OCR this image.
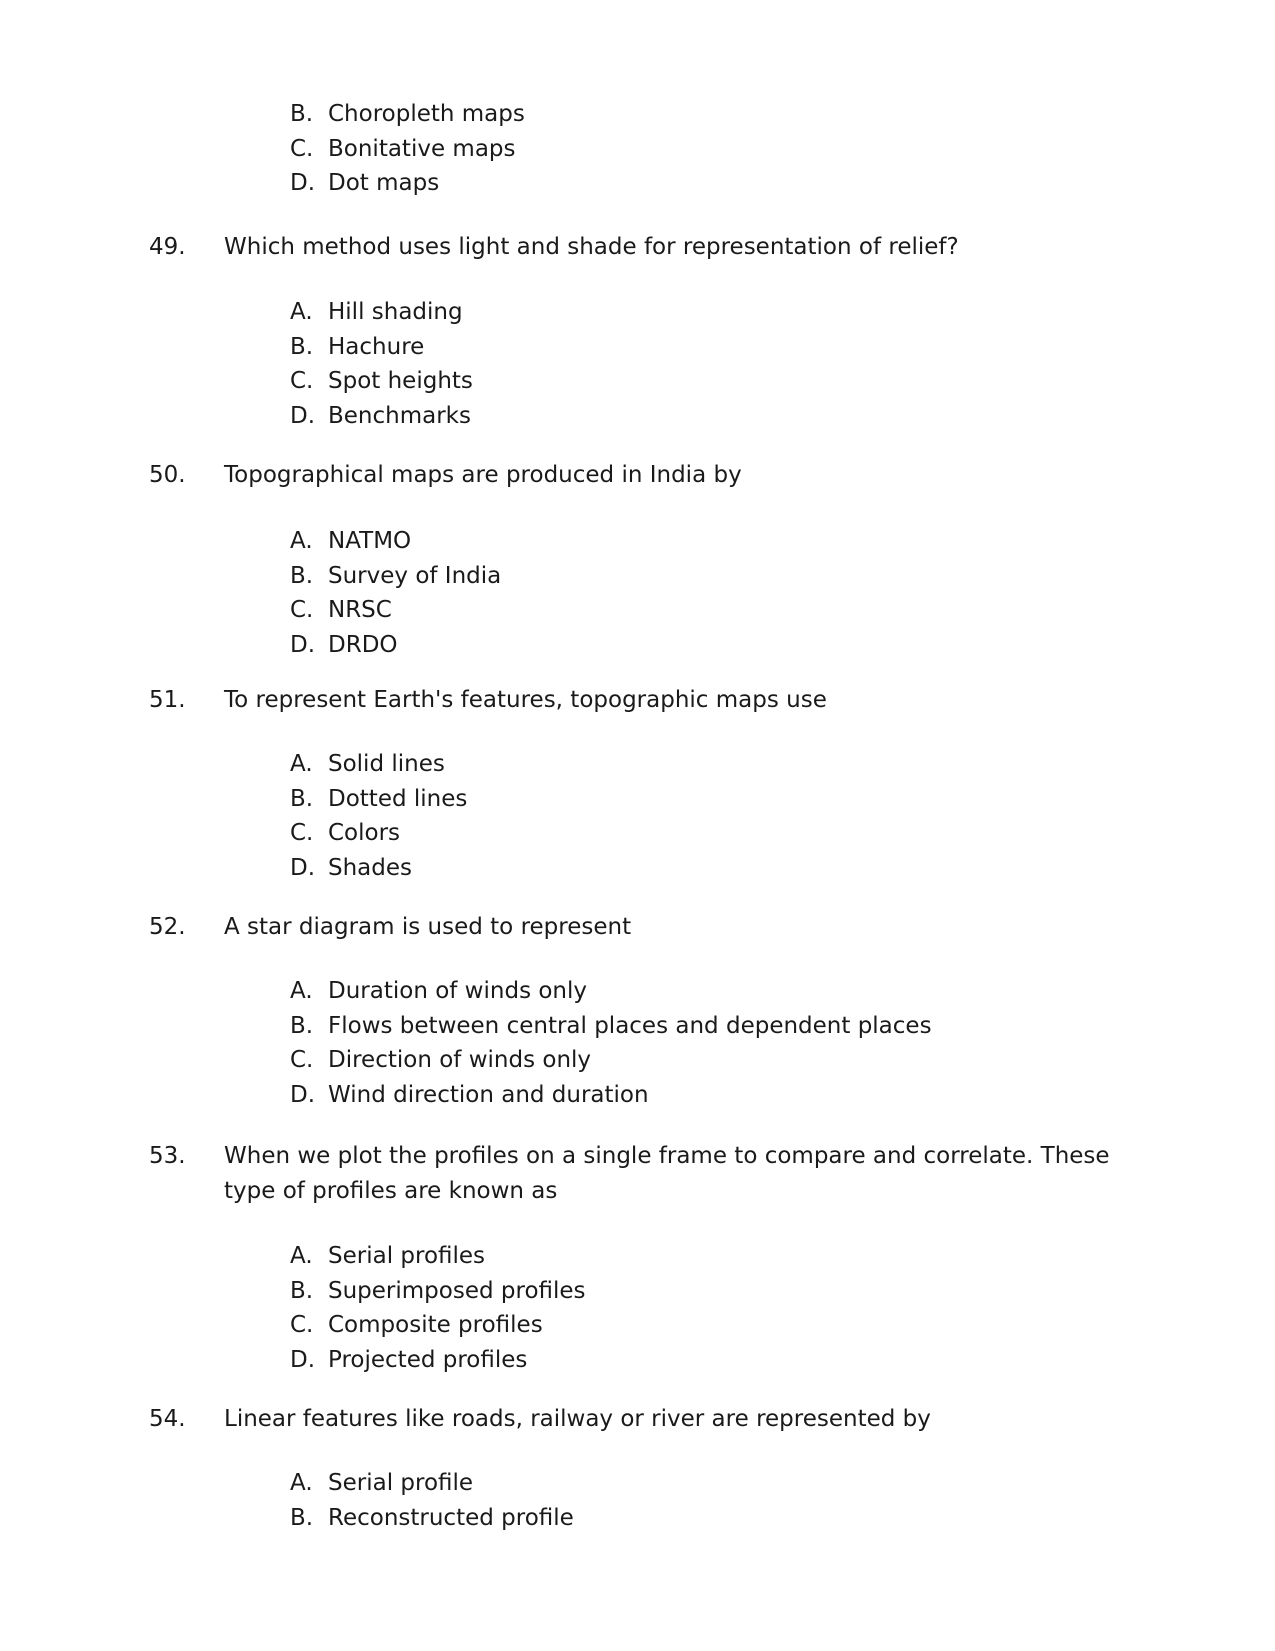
B. Choropleth maps
C. Bonitative maps
D. Dot maps
49. Which method uses light and shade for representation of relief?
A. Hill shading
B. Hachure
C. Spot heights
D. Benchmarks
50. Topographical maps are produced in India by
A. NATMO
B. Survey of India
C. NRSC
D. DRDO
51. To represent Earth's features, topographic maps use
A. Solid lines
B. Dotted lines
C. Colors
D. Shades
52. A star diagram is used to represent
A. Duration of winds only
B. Flows between central places and dependent places
C. Direction of winds only
D. Wind direction and duration
53. When we plot the profiles on a single frame to compare and correlate. These type of profiles are known as
A. Serial profiles
B. Superimposed profiles
C. Composite profiles
D. Projected profiles
54. Linear features like roads, railway or river are represented by
A. Serial profile
B. Reconstructed profile
